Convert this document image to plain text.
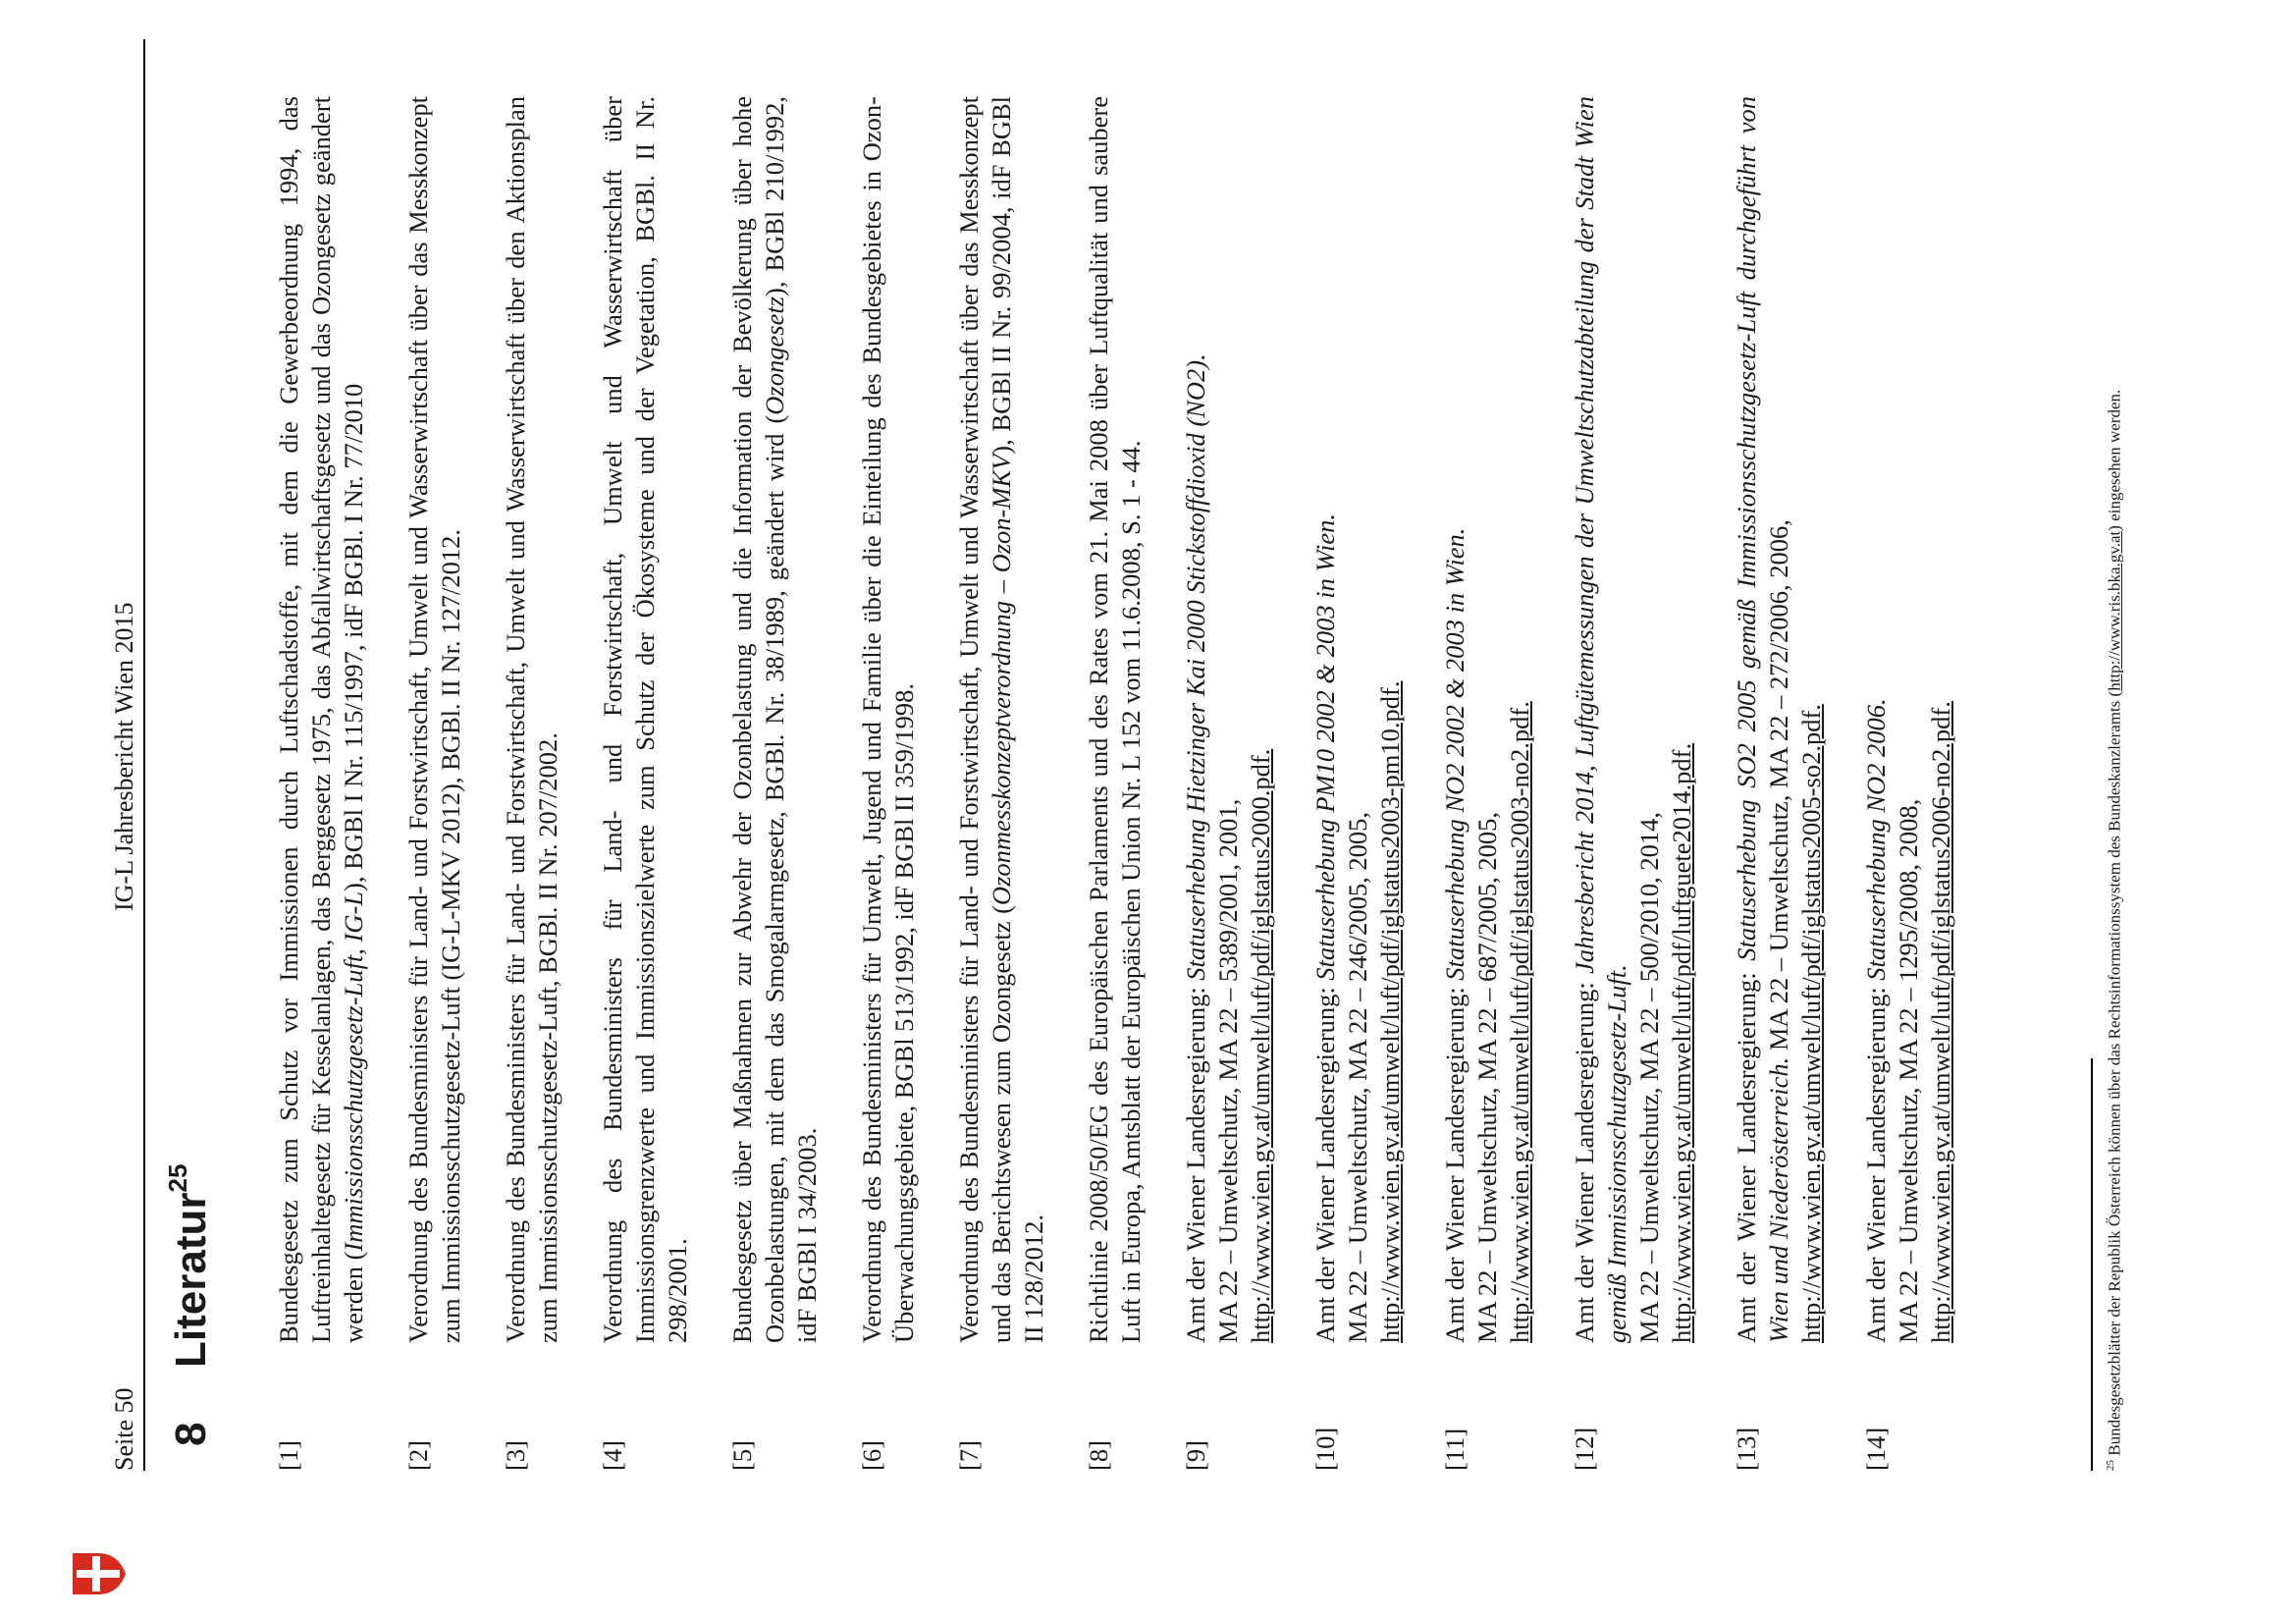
Seite 50
IG-L Jahresbericht Wien 2015
8Literatur$^{25}$
[1]
Bundesgesetz zum Schutz vor Immissionen durch Luftschadstoffe, mit dem die Gewerbeordnung 1994, das Luftreinhaltegesetz für Kesselanlagen, das Berggesetz 1975, das Abfallwirtschaftsgesetz und das Ozongesetz geändert werden (Immissionsschutzgesetz-Luft, IG-L), BGBl I Nr. 115/1997, idF BGBl. I Nr. 77/2010
[2]
Verordnung des Bundesministers für Land- und Forstwirtschaft, Umwelt und Wasserwirtschaft über das Messkonzept zum Immissionsschutzgesetz-Luft (IG-L-MKV 2012), BGBl. II Nr. 127/2012.
[3]
Verordnung des Bundesministers für Land- und Forstwirtschaft, Umwelt und Wasserwirtschaft über den Aktionsplan zum Immissionsschutzgesetz-Luft, BGBl. II Nr. 207/2002.
[4]
Verordnung des Bundesministers für Land- und Forstwirtschaft, Umwelt und Wasserwirtschaft über Immissionsgrenzwerte und Immissionszielwerte zum Schutz der Ökosysteme und der Vegetation, BGBl. II Nr. 298/2001.
[5]
Bundesgesetz über Maßnahmen zur Abwehr der Ozonbelastung und die Information der Bevölkerung über hohe Ozonbelastungen, mit dem das Smogalarmgesetz, BGBl. Nr. 38/1989, geändert wird (Ozongesetz), BGBl 210/1992, idF BGBl I 34/2003.
[6]
Verordnung des Bundesministers für Umwelt, Jugend und Familie über die Einteilung des Bundesgebietes in Ozon-Überwachungsgebiete, BGBl 513/1992, idF BGBl II 359/1998.
[7]
Verordnung des Bundesministers für Land- und Forstwirtschaft, Umwelt und Wasserwirtschaft über das Messkonzept und das Berichtswesen zum Ozongesetz (Ozonmesskonzeptverordnung – Ozon-MKV), BGBl II Nr. 99/2004, idF BGBl II 128/2012.
[8]
Richtlinie 2008/50/EG des Europäischen Parlaments und des Rates vom 21. Mai 2008 über Luftqualität und saubere Luft in Europa, Amtsblatt der Europäischen Union Nr. L 152 vom 11.6.2008, S. 1 - 44.
[9]
Amt der Wiener Landesregierung: Statuserhebung Hietzinger Kai 2000 Stickstoffdioxid (NO2).
MA 22 – Umweltschutz, MA 22 – 5389/2001, 2001, http://www.wien.gv.at/umwelt/luft/pdf/iglstatus2000.pdf.
[10]
Amt der Wiener Landesregierung: Statuserhebung PM10 2002 & 2003 in Wien.
MA 22 – Umweltschutz, MA 22 – 246/2005, 2005, http://www.wien.gv.at/umwelt/luft/pdf/iglstatus2003-pm10.pdf.
[11]
Amt der Wiener Landesregierung: Statuserhebung NO2 2002 & 2003 in Wien.
MA 22 – Umweltschutz, MA 22 – 687/2005, 2005, http://www.wien.gv.at/umwelt/luft/pdf/iglstatus2003-no2.pdf.
[12]
Amt der Wiener Landesregierung: Jahresbericht 2014, Luftgütemessungen der Umweltschutzabteilung der Stadt Wien gemäß Immissionsschutzgesetz-Luft. MA 22 – Umweltschutz, MA 22 – 500/2010, 2014, http://www.wien.gv.at/umwelt/luft/pdf/luftguete2014.pdf.
[13]
Amt der Wiener Landesregierung: Statuserhebung SO2 2005 gemäß Immissionsschutzgesetz-Luft durchgeführt von Wien und Niederösterreich. MA 22 – Umweltschutz, MA 22 – 272/2006, 2006, http://www.wien.gv.at/umwelt/luft/pdf/iglstatus2005-so2.pdf.
[14]
Amt der Wiener Landesregierung: Statuserhebung NO2 2006. MA 22 – Umweltschutz, MA 22 – 1295/2008, 2008, http://www.wien.gv.at/umwelt/luft/pdf/iglstatus2006-no2.pdf.
$^{25}$ Bundesgesetzblätter der Republik Österreich können über das Rechtsinformationssystem des Bundeskanzleramts (http://www.ris.bka.gv.at) eingesehen werden.
